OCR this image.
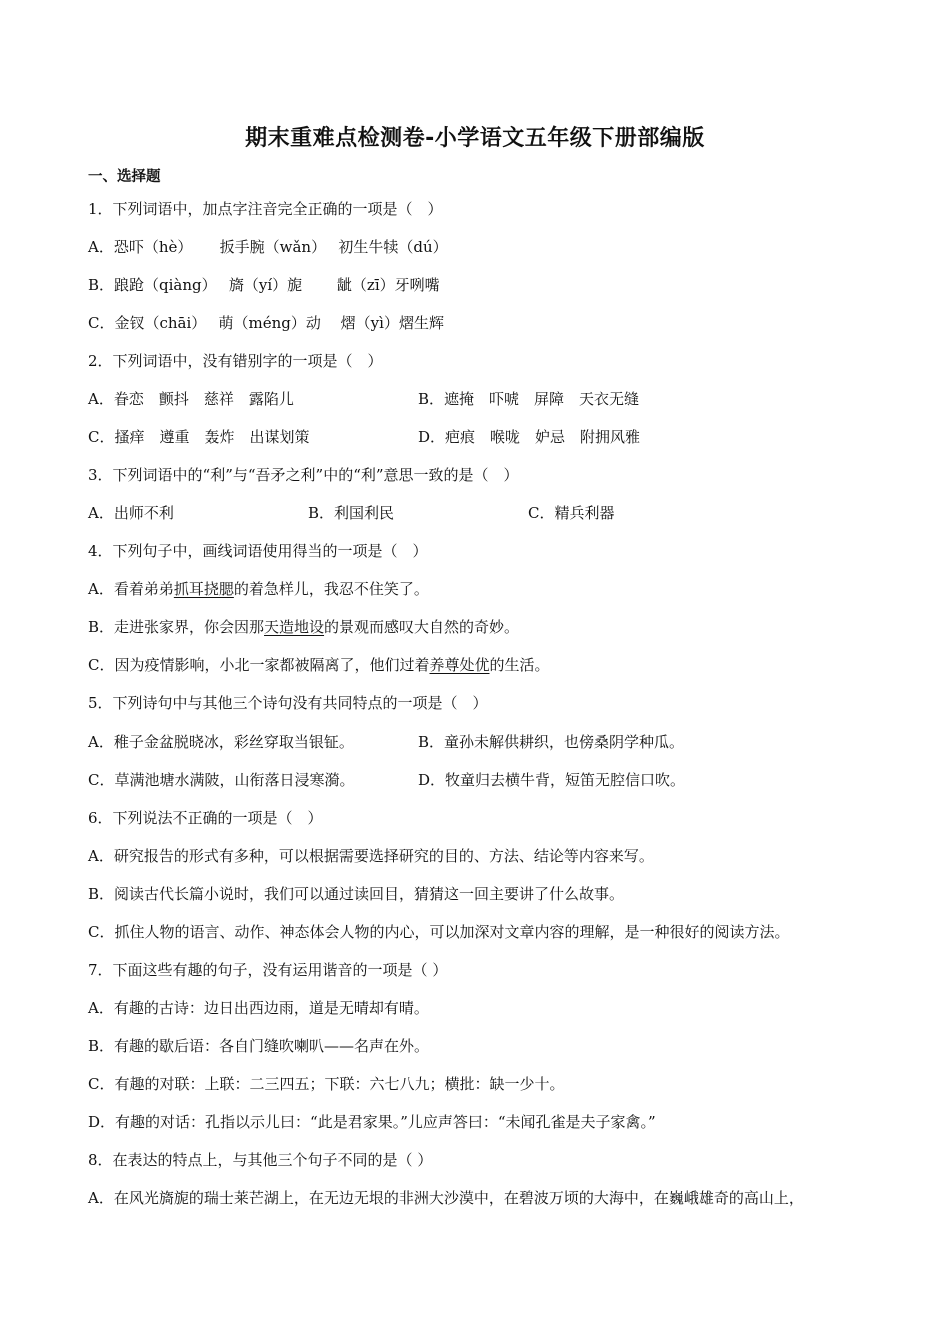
期末重难点检测卷-小学语文五年级下册部编版
一、选择题
1．下列词语中，加点字注音完全正确的一项是（　）
A．恐吓（hè）　　 扳手腕（wǎn）　 初生牛犊（dú）
B．踉跄（qiàng）　 旖（yí）旎　　 龇（zī）牙咧嘴
C．金钗（chāi）　 萌（méng）动　 熠（yì）熠生辉
2．下列词语中，没有错别字的一项是（　）
A．眷恋　颤抖　慈祥　露陷儿	B．遮掩　吓唬　屏障　天衣无缝
C．搔痒　遵重　轰炸　出谋划策	D．疤痕　喉咙　妒忌　附拥风雅
3．下列词语中的“利”与“吾矛之利”中的“利”意思一致的是（　）
A．出师不利	B．利国利民	C．精兵利器
4．下列句子中，画线词语使用得当的一项是（　）
A．看着弟弟抓耳挠腮的着急样儿，我忍不住笑了。
B．走进张家界，你会因那天造地设的景观而感叹大自然的奇妙。
C．因为疫情影响，小北一家都被隔离了，他们过着养尊处优的生活。
5．下列诗句中与其他三个诗句没有共同特点的一项是（　）
A．稚子金盆脱晓冰，彩丝穿取当银钲。	B．童孙未解供耕织，也傍桑阴学种瓜。
C．草满池塘水满陂，山衔落日浸寒漪。	D．牧童归去横牛背，短笛无腔信口吹。
6．下列说法不正确的一项是（　）
A．研究报告的形式有多种，可以根据需要选择研究的目的、方法、结论等内容来写。
B．阅读古代长篇小说时，我们可以通过读回目，猜猜这一回主要讲了什么故事。
C．抓住人物的语言、动作、神态体会人物的内心，可以加深对文章内容的理解，是一种很好的阅读方法。
7．下面这些有趣的句子，没有运用谐音的一项是（ ）
A．有趣的古诗：边日出西边雨，道是无晴却有晴。
B．有趣的歇后语：各自门缝吹喇叭——名声在外。
C．有趣的对联：上联：二三四五；下联：六七八九；横批：缺一少十。
D．有趣的对话：孔指以示儿曰：“此是君家果。”儿应声答曰：“未闻孔雀是夫子家禽。”
8．在表达的特点上，与其他三个句子不同的是（ ）
A．在风光旖旎的瑞士莱芒湖上，在无边无垠的非洲大沙漠中，在碧波万顷的大海中，在巍峨雄奇的高山上，
